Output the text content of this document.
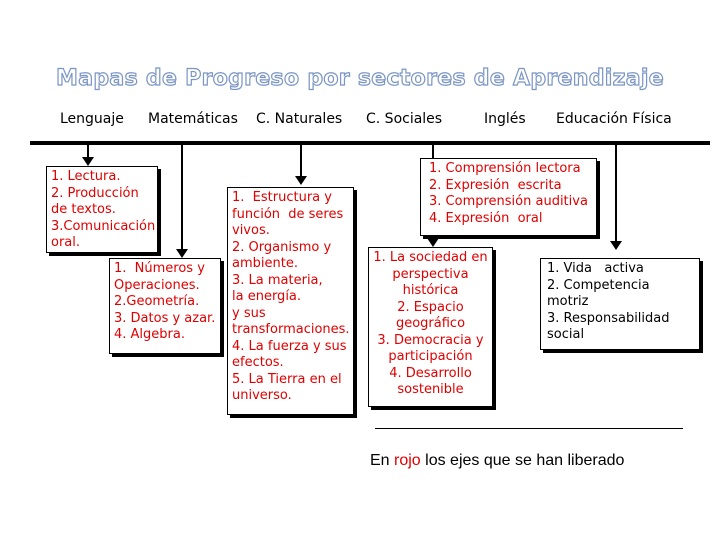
Mapas de Progreso por sectores de Aprendizaje
Lenguaje Matemáticas C. Naturales C. Sociales	Inglés Educación Física
1. Lectura.
2. Producción
de textos.
3.Comunicación
oral.
1.  Números y
Operaciones.
2.Geometría.
3. Datos y azar.
4. Algebra.
1.  Estructura y
función  de seres
vivos.
2. Organismo y
ambiente.
3. La materia,
la energía.
y sus
transformaciones.
4. La fuerza y sus
efectos.
5. La Tierra en el
universo.
1. Comprensión lectora
2. Expresión  escrita
3. Comprensión auditiva
4. Expresión  oral
1. La sociedad en
perspectiva
histórica
2. Espacio
geográfico
3. Democracia y
participación
4. Desarrollo
sostenible
1. Vida   activa
2. Competencia
motriz
3. Responsabilidad
social
En rojo los ejes que se han liberado
